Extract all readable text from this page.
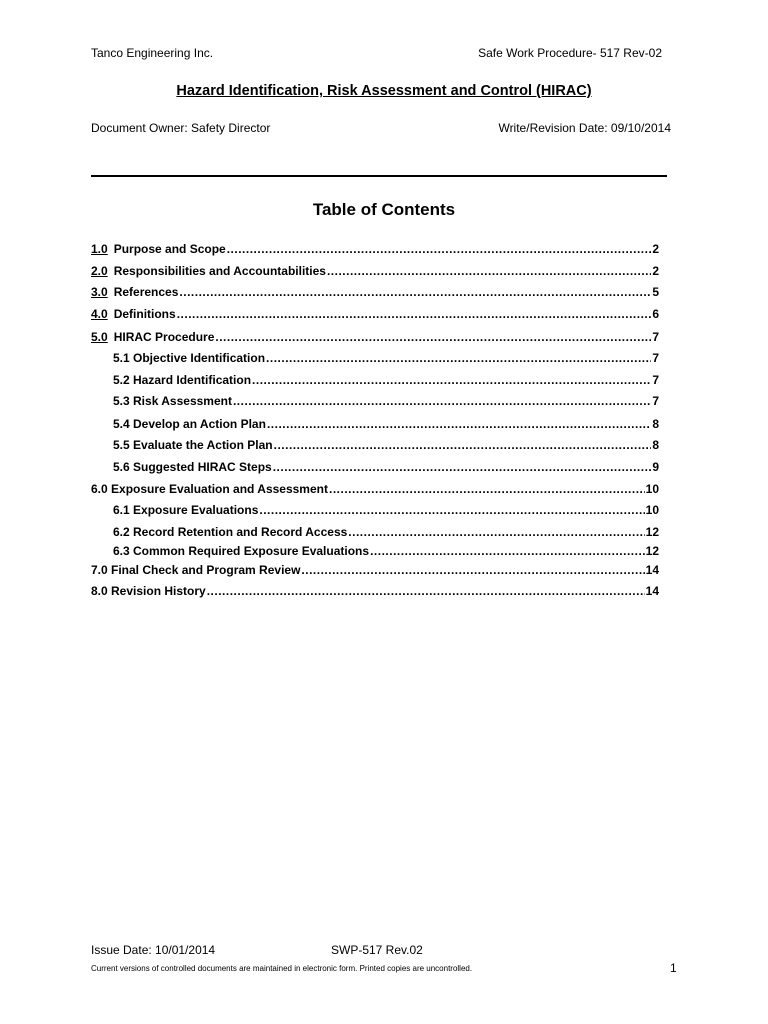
Tanco Engineering Inc.	Safe Work Procedure- 517 Rev-02
Hazard Identification, Risk Assessment and Control (HIRAC)
Document Owner: Safety Director	Write/Revision Date: 09/10/2014
Table of Contents
1.0 Purpose and Scope .....	2
2.0 Responsibilities and Accountabilities .....	2
3.0 References .....	5
4.0 Definitions .....	6
5.0 HIRAC Procedure .....	7
5.1 Objective Identification .....	7
5.2 Hazard Identification .....	7
5.3 Risk Assessment .....	7
5.4 Develop an Action Plan .....	8
5.5 Evaluate the Action Plan .....	8
5.6 Suggested HIRAC Steps .....	9
6.0 Exposure Evaluation and Assessment .....	10
6.1 Exposure Evaluations .....	10
6.2 Record Retention and Record Access .....	12
6.3 Common Required Exposure Evaluations .....	12
7.0 Final Check and Program Review .....	14
8.0 Revision History .....	14
Issue Date: 10/01/2014	SWP-517 Rev.02
Current versions of controlled documents are maintained in electronic form. Printed copies are uncontrolled.	1
